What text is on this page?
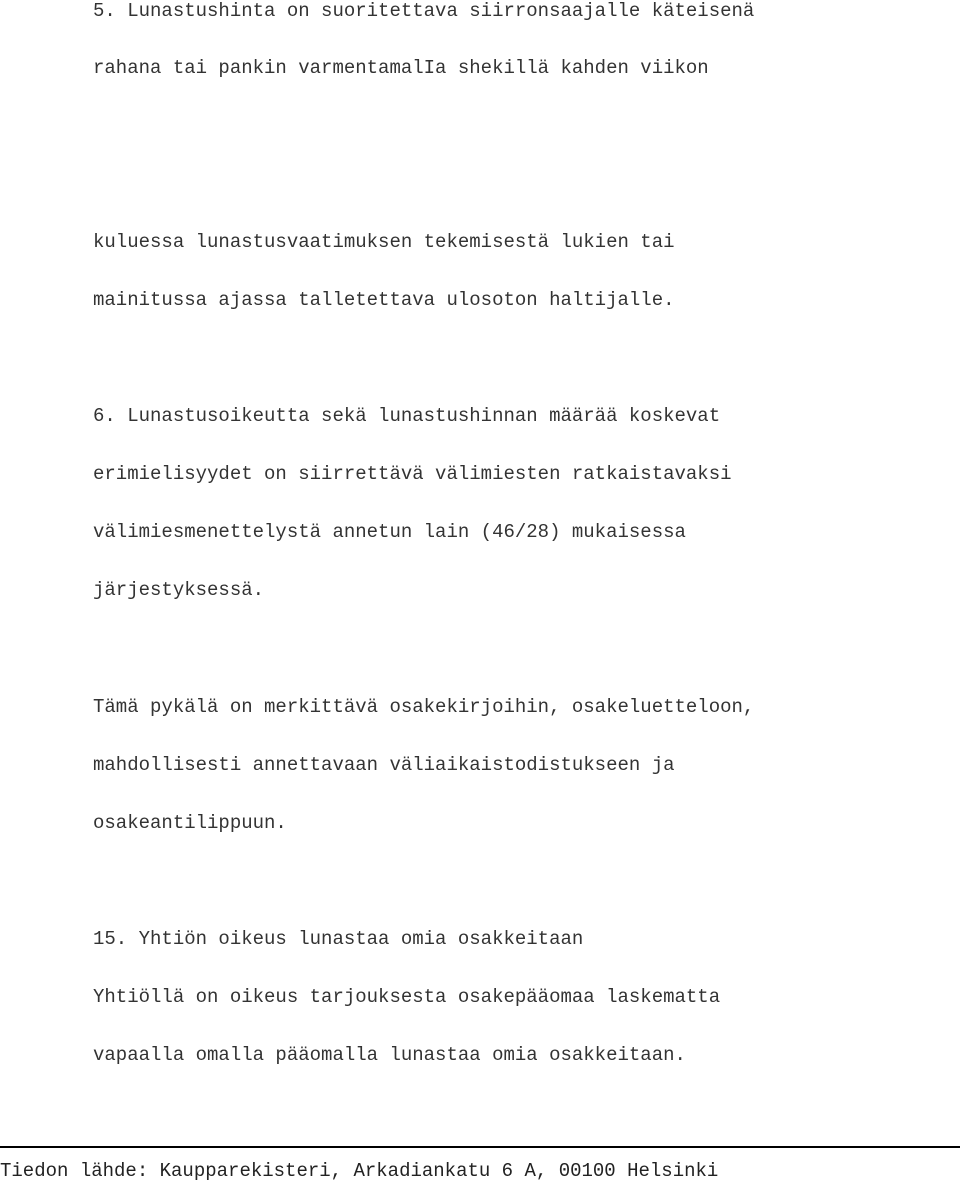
5. Lunastushinta on suoritettava siirronsaajalle käteisenä

rahana tai pankin varmentamalIa shekillä kahden viikon

kuluessa lunastusvaatimuksen tekemisestä lukien tai

mainitussa ajassa talletettava ulosoton haltijalle.

6. Lunastusoikeutta sekä lunastushinnan määrää koskevat

erimielisyydet on siirrettävä välimiesten ratkaistavaksi

välimiesmenettelystä annetun lain (46/28) mukaisessa

järjestyksessä.

Tämä pykälä on merkittävä osakekirjoihin, osakeluetteloon,

mahdollisesti annettavaan väliaikaistodistukseen ja

osakeantilippuun.

15. Yhtiön oikeus lunastaa omia osakkeitaan

Yhtiöllä on oikeus tarjouksesta osakepääomaa laskematta

vapaalla omalla pääomalla lunastaa omia osakkeitaan.

Tiedon lähde: Kaupparekisteri, Arkadiankatu 6 A, 00100 Helsinki
